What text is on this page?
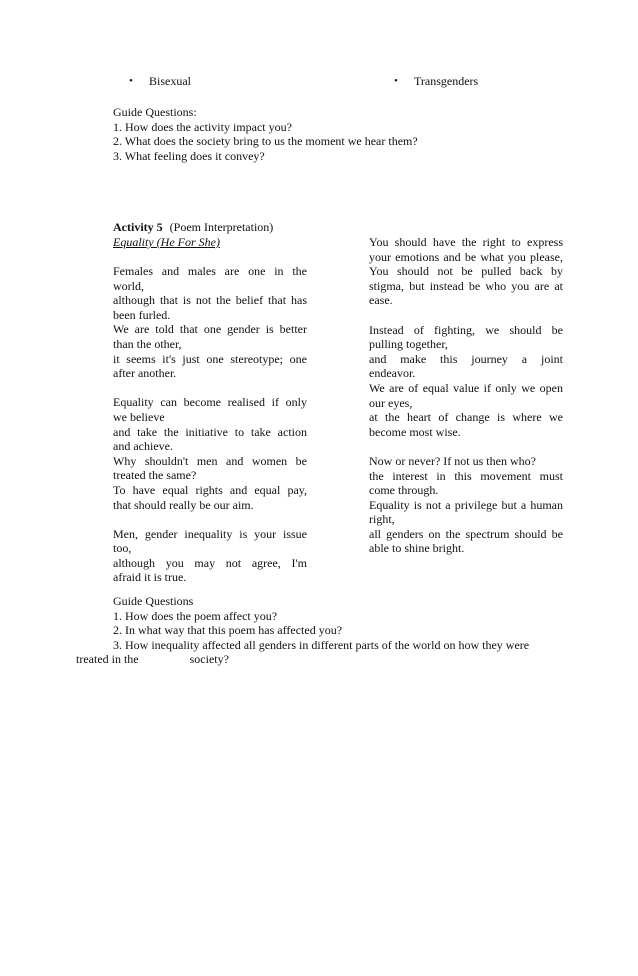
• Bisexual	• Transgenders
Guide Questions:
1. How does the activity impact you?
2. What does the society bring to us the moment we hear them?
3. What feeling does it convey?
Activity 5 (Poem Interpretation)
Equality (He For She)
Females and males are one in the
world,
although that is not the belief that has
been furled.
We are told that one gender is better
than the other,
it seems it's just one stereotype; one
after another.
Equality can become realised if only
we believe
and take the initiative to take action
and achieve.
Why shouldn't men and women be
treated the same?
To have equal rights and equal pay,
that should really be our aim.
Men, gender inequality is your issue
too,
although you may not agree, I'm
afraid it is true.
You should have the right to express
your emotions and be what you please,
You should not be pulled back by
stigma, but instead be who you are at
ease.
Instead of fighting, we should be
pulling together,
and make this journey a joint
endeavor.
We are of equal value if only we open
our eyes,
at the heart of change is where we
become most wise.
Now or never? If not us then who?
the interest in this movement must
come through.
Equality is not a privilege but a human
right,
all genders on the spectrum should be
able to shine bright.
Guide Questions
1. How does the poem affect you?
2. In what way that this poem has affected you?
3. How inequality affected all genders in different parts of the world on how they were
treated in the	society?
